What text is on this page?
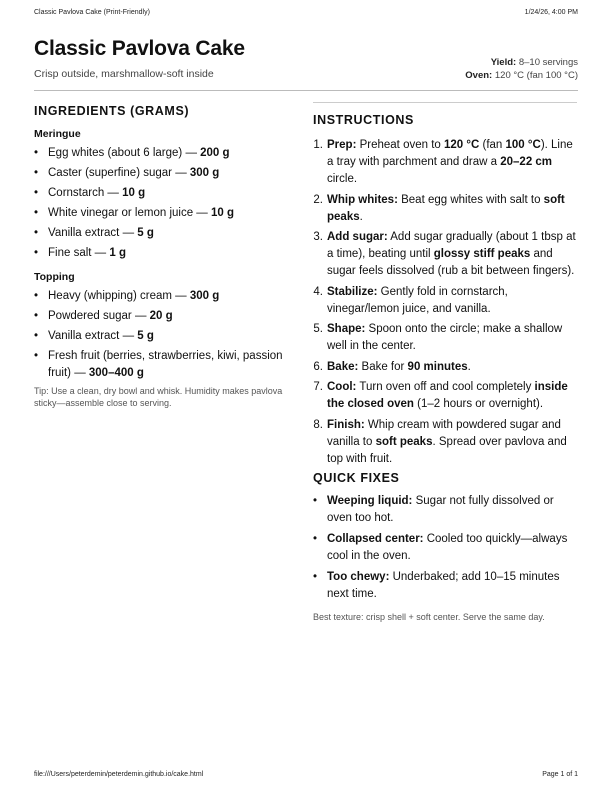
Classic Pavlova Cake (Print-Friendly)	1/24/26, 4:00 PM
Classic Pavlova Cake
Crisp outside, marshmallow-soft inside
Yield: 8–10 servings
Oven: 120 °C (fan 100 °C)
INGREDIENTS (GRAMS)
Meringue
• Egg whites (about 6 large) — 200 g
• Caster (superfine) sugar — 300 g
• Cornstarch — 10 g
• White vinegar or lemon juice — 10 g
• Vanilla extract — 5 g
• Fine salt — 1 g
Topping
• Heavy (whipping) cream — 300 g
• Powdered sugar — 20 g
• Vanilla extract — 5 g
• Fresh fruit (berries, strawberries, kiwi, passion fruit) — 300–400 g

Tip: Use a clean, dry bowl and whisk. Humidity makes pavlova sticky—assemble close to serving.

INSTRUCTIONS
1. Prep: Preheat oven to 120 °C (fan 100 °C). Line a tray with parchment and draw a 20–22 cm circle.
2. Whip whites: Beat egg whites with salt to soft peaks.
3. Add sugar: Add sugar gradually (about 1 tbsp at a time), beating until glossy stiff peaks and sugar feels dissolved (rub a bit between fingers).
4. Stabilize: Gently fold in cornstarch, vinegar/lemon juice, and vanilla.
5. Shape: Spoon onto the circle; make a shallow well in the center.
6. Bake: Bake for 90 minutes.
7. Cool: Turn oven off and cool completely inside the closed oven (1–2 hours or overnight).
8. Finish: Whip cream with powdered sugar and vanilla to soft peaks. Spread over pavlova and top with fruit.
QUICK FIXES
• Weeping liquid: Sugar not fully dissolved or oven too hot.
• Collapsed center: Cooled too quickly—always cool in the oven.
• Too chewy: Underbaked; add 10–15 minutes next time.

Best texture: crisp shell + soft center. Serve the same day.

file:///Users/peterdemin/peterdemin.github.io/cake.html	Page 1 of 1
